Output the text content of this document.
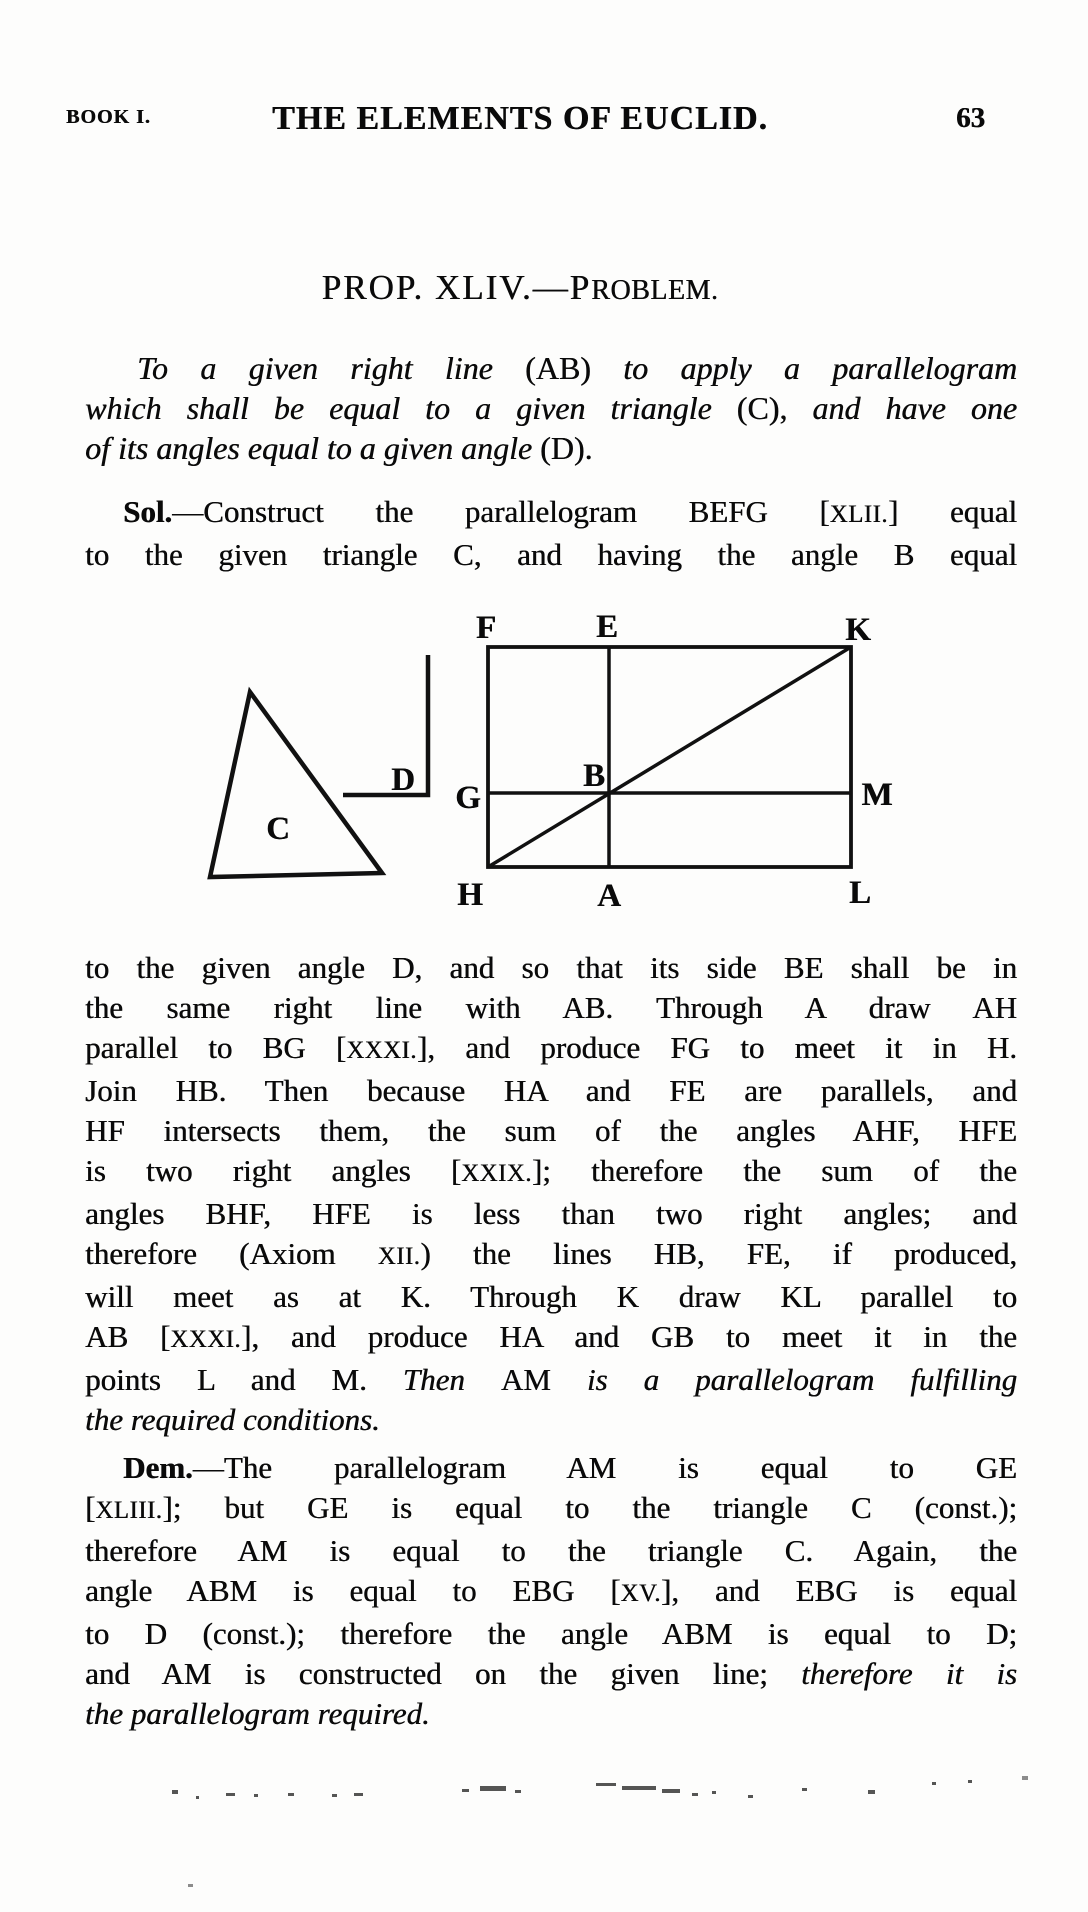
BOOK I.	THE ELEMENTS OF EUCLID.	63
PROP. XLIV.—PROBLEM.
To a given right line (AB) to apply a parallelogram
which shall be equal to a given triangle (C), and have one
of its angles equal to a given angle (D).
Sol.—Construct the parallelogram BEFG [XLII.] equal
to the given triangle C, and having the angle B equal
F	E	K
G
B
M
H	A	L
C
D
to the given angle D, and so that its side BE shall be in
the same right line with AB. Through A draw AH
parallel to BG [XXXI.], and produce FG to meet it in H.
Join HB. Then because HA and FE are parallels, and
HF intersects them, the sum of the angles AHF, HFE
is two right angles [XXIX.]; therefore the sum of the
angles BHF, HFE is less than two right angles; and
therefore (Axiom XII.) the lines HB, FE, if produced,
will meet as at K. Through K draw KL parallel to
AB [XXXI.], and produce HA and GB to meet it in the
points L and M. Then AM is a parallelogram fulfilling
the required conditions.
Dem.—The parallelogram AM is equal to GE
[XLIII.]; but GE is equal to the triangle C (const.);
therefore AM is equal to the triangle C. Again, the
angle ABM is equal to EBG [XV.], and EBG is equal
to D (const.); therefore the angle ABM is equal to D;
and AM is constructed on the given line; therefore it is
the parallelogram required.
